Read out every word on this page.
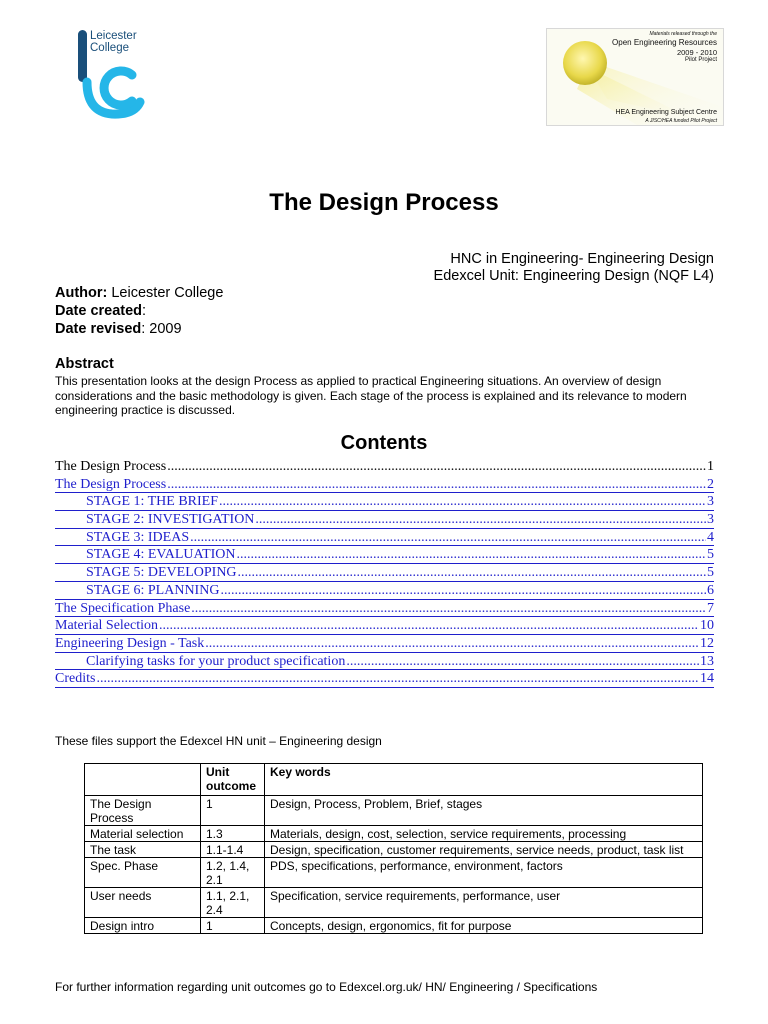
Leicester
College
Materials released through the
Open Engineering Resources
2009 - 2010
Pilot Project
HEA Engineering Subject Centre
A JISC/HEA funded Pilot Project
The Design Process
HNC in Engineering- Engineering Design
Edexcel Unit: Engineering Design (NQF L4)
Author: Leicester College
Date created:
Date revised: 2009
Abstract
This presentation looks at the design Process as applied to practical Engineering situations. An overview of design considerations and the basic methodology is given. Each stage of the process is explained and its relevance to modern engineering practice is discussed.
Contents
The Design Process .....	1
The Design Process .....	2
STAGE 1: THE BRIEF .....	3
STAGE 2: INVESTIGATION .....	3
STAGE 3: IDEAS .....	4
STAGE 4: EVALUATION .....	5
STAGE 5: DEVELOPING .....	5
STAGE 6: PLANNING .....	6
The Specification Phase .....	7
Material Selection .....	10
Engineering Design - Task .....	12
Clarifying tasks for your product specification .....	13
Credits .....	14
These files support the Edexcel HN unit – Engineering design
	Unit outcome	Key words
The Design Process	1	Design, Process, Problem, Brief, stages
Material selection	1.3	Materials, design, cost, selection, service requirements, processing
The task	1.1-1.4	Design, specification, customer requirements, service needs, product, task list
Spec. Phase	1.2, 1.4, 2.1	PDS, specifications, performance, environment, factors
User needs	1.1, 2.1, 2.4	Specification, service requirements, performance, user
Design intro	1	Concepts, design, ergonomics, fit for purpose
For further information regarding unit outcomes go to Edexcel.org.uk/ HN/ Engineering / Specifications
